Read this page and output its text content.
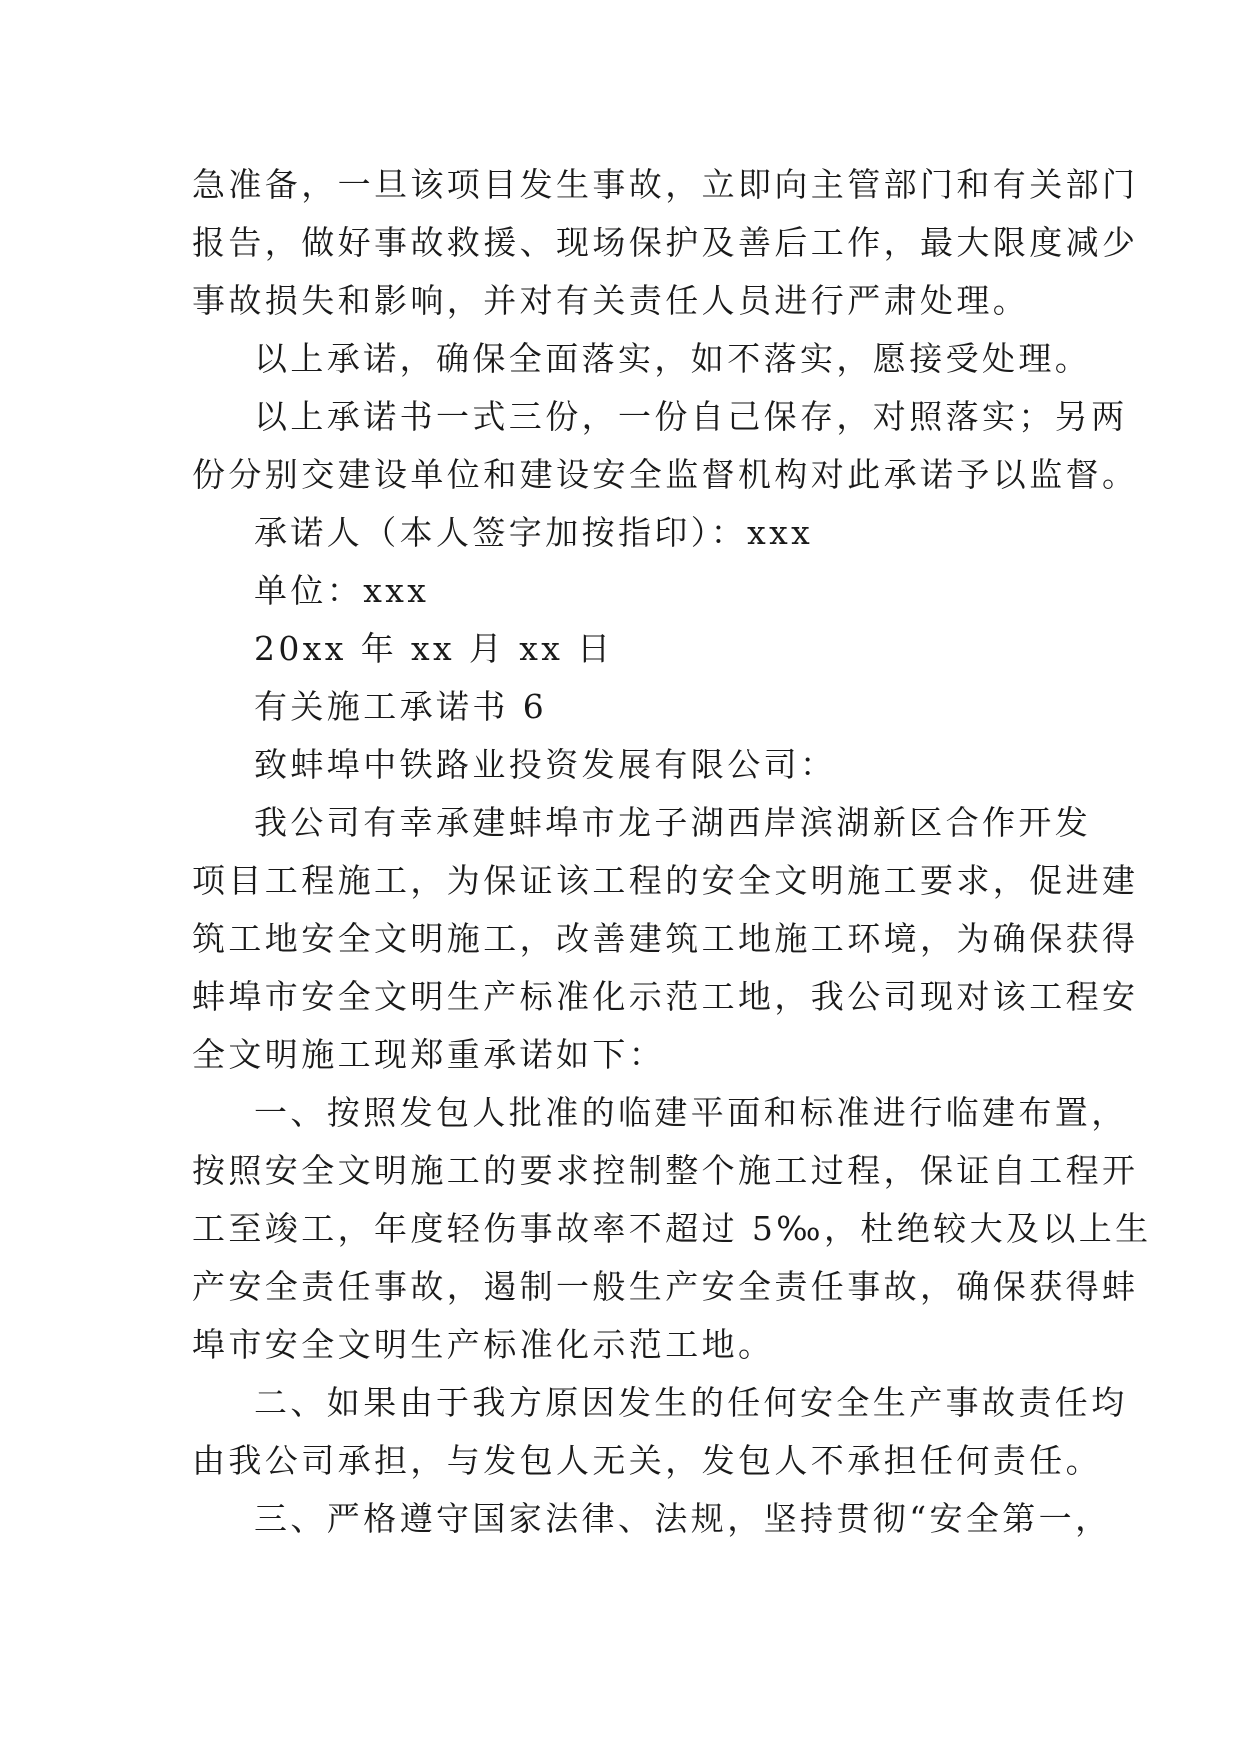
急准备，一旦该项目发生事故，立即向主管部门和有关部门
报告，做好事故救援、现场保护及善后工作，最大限度减少
事故损失和影响，并对有关责任人员进行严肃处理。
以上承诺，确保全面落实，如不落实，愿接受处理。
以上承诺书一式三份，一份自己保存，对照落实；另两
份分别交建设单位和建设安全监督机构对此承诺予以监督。
承诺人（本人签字加按指印）：xxx
单位：xxx
20xx 年 xx 月 xx 日
有关施工承诺书 6
致蚌埠中铁路业投资发展有限公司：
我公司有幸承建蚌埠市龙子湖西岸滨湖新区合作开发
项目工程施工，为保证该工程的安全文明施工要求，促进建
筑工地安全文明施工，改善建筑工地施工环境，为确保获得
蚌埠市安全文明生产标准化示范工地，我公司现对该工程安
全文明施工现郑重承诺如下：
一、按照发包人批准的临建平面和标准进行临建布置，
按照安全文明施工的要求控制整个施工过程，保证自工程开
工至竣工，年度轻伤事故率不超过 5‰，杜绝较大及以上生
产安全责任事故，遏制一般生产安全责任事故，确保获得蚌
埠市安全文明生产标准化示范工地。
二、如果由于我方原因发生的任何安全生产事故责任均
由我公司承担，与发包人无关，发包人不承担任何责任。
三、严格遵守国家法律、法规，坚持贯彻“安全第一，
